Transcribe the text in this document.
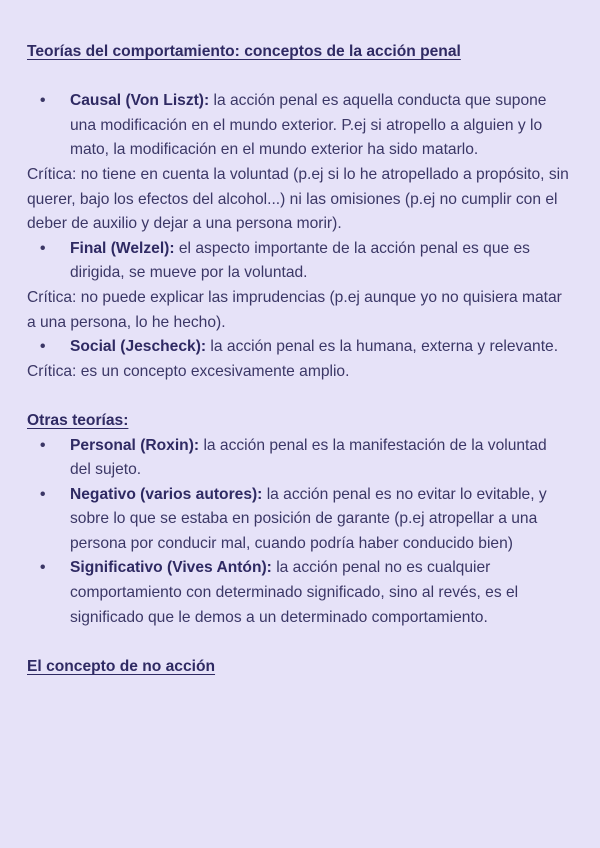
Teorías del comportamiento: conceptos de la acción penal

• Causal (Von Liszt): la acción penal es aquella conducta que supone una modificación en el mundo exterior. P.ej si atropello a alguien y lo mato, la modificación en el mundo exterior ha sido matarlo.

Crítica: no tiene en cuenta la voluntad (p.ej si lo he atropellado a propósito, sin querer, bajo los efectos del alcohol...) ni las omisiones (p.ej no cumplir con el deber de auxilio y dejar a una persona morir).

• Final (Welzel): el aspecto importante de la acción penal es que es dirigida, se mueve por la voluntad.

Crítica: no puede explicar las imprudencias (p.ej aunque yo no quisiera matar a una persona, lo he hecho).

• Social (Jescheck): la acción penal es la humana, externa y relevante.

Crítica: es un concepto excesivamente amplio.

Otras teorías:

• Personal (Roxin): la acción penal es la manifestación de la voluntad del sujeto.
• Negativo (varios autores): la acción penal es no evitar lo evitable, y sobre lo que se estaba en posición de garante (p.ej atropellar a una persona por conducir mal, cuando podría haber conducido bien)
• Significativo (Vives Antón): la acción penal no es cualquier comportamiento con determinado significado, sino al revés, es el significado que le demos a un determinado comportamiento.

El concepto de no acción
